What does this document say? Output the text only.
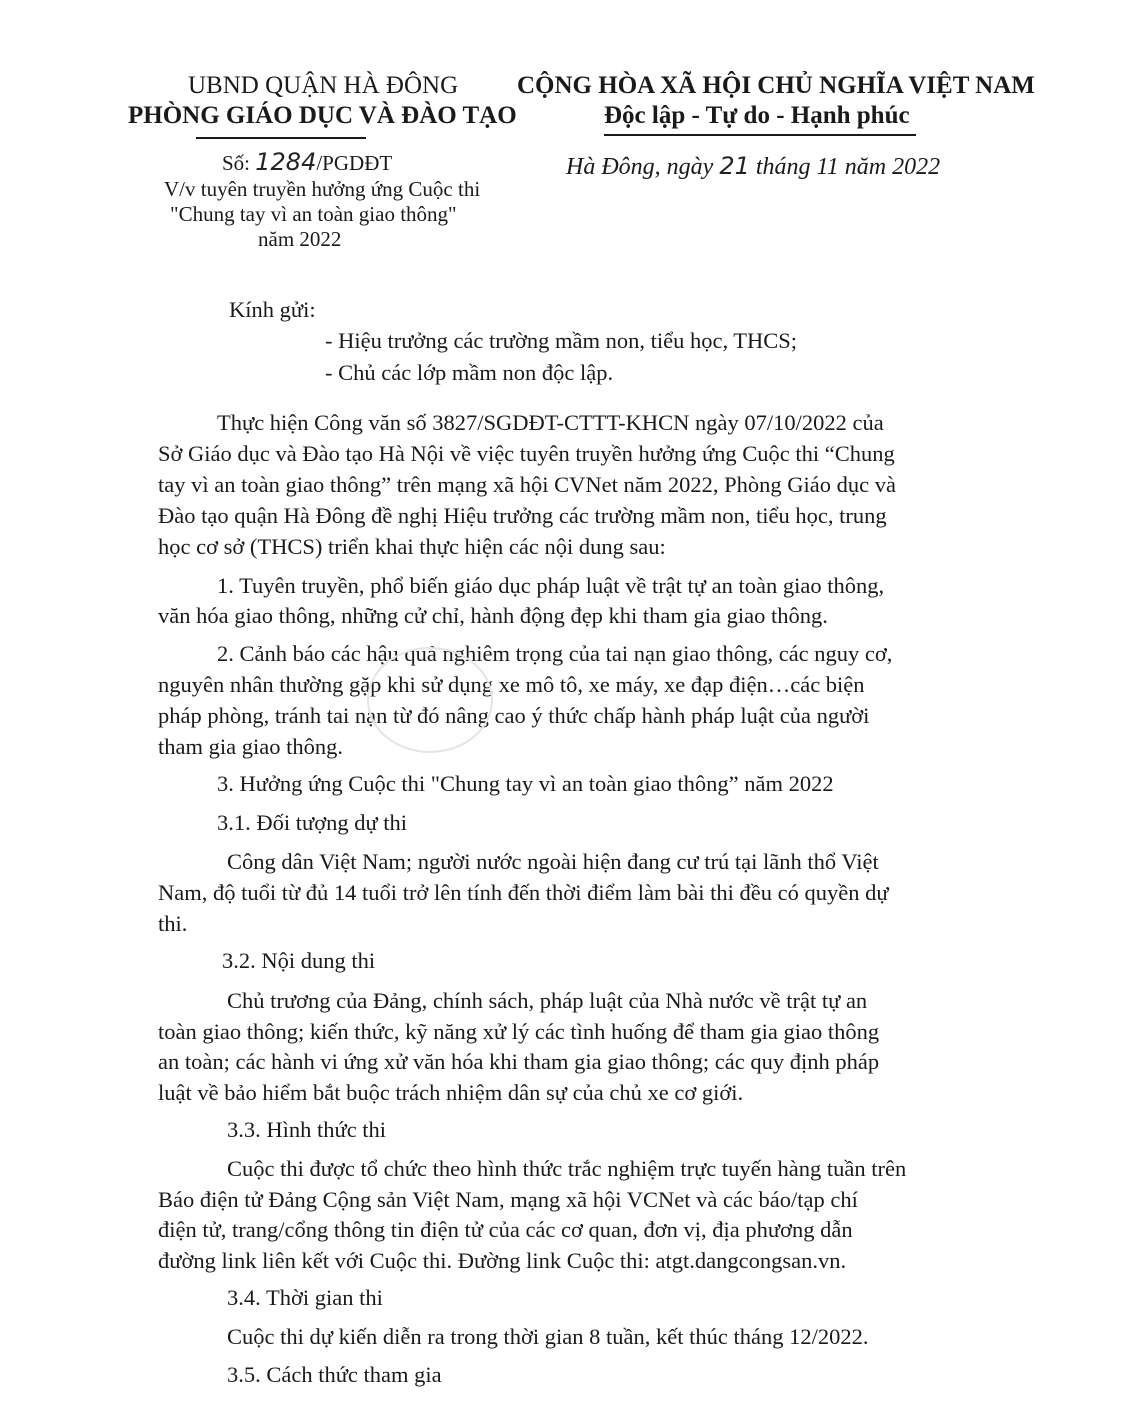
UBND QUẬN HÀ ĐÔNG
PHÒNG GIÁO DỤC VÀ ĐÀO TẠO
CỘNG HÒA XÃ HỘI CHỦ NGHĨA VIỆT NAM
Độc lập - Tự do - Hạnh phúc
Số: 1284/PGDĐT
V/v tuyên truyền hưởng ứng Cuộc thi
"Chung tay vì an toàn giao thông"
năm 2022
Hà Đông, ngày 21 tháng 11 năm 2022
Kính gửi:
- Hiệu trưởng các trường mầm non, tiểu học, THCS;
- Chủ các lớp mầm non độc lập.
Thực hiện Công văn số 3827/SGDĐT-CTTT-KHCN ngày 07/10/2022 của
Sở Giáo dục và Đào tạo Hà Nội về việc tuyên truyền hưởng ứng Cuộc thi “Chung
tay vì an toàn giao thông” trên mạng xã hội CVNet năm 2022, Phòng Giáo dục và
Đào tạo quận Hà Đông đề nghị Hiệu trưởng các trường mầm non, tiểu học, trung
học cơ sở (THCS) triển khai thực hiện các nội dung sau:
1. Tuyên truyền, phổ biến giáo dục pháp luật về trật tự an toàn giao thông,
văn hóa giao thông, những cử chỉ, hành động đẹp khi tham gia giao thông.
2. Cảnh báo các hậu quả nghiêm trọng của tai nạn giao thông, các nguy cơ,
nguyên nhân thường gặp khi sử dụng xe mô tô, xe máy, xe đạp điện…các biện
pháp phòng, tránh tai nạn từ đó nâng cao ý thức chấp hành pháp luật của người
tham gia giao thông.
3. Hưởng ứng Cuộc thi "Chung tay vì an toàn giao thông” năm 2022
3.1. Đối tượng dự thi
Công dân Việt Nam; người nước ngoài hiện đang cư trú tại lãnh thổ Việt
Nam, độ tuổi từ đủ 14 tuổi trở lên tính đến thời điểm làm bài thi đều có quyền dự
thi.
3.2. Nội dung thi
Chủ trương của Đảng, chính sách, pháp luật của Nhà nước về trật tự an
toàn giao thông; kiến thức, kỹ năng xử lý các tình huống để tham gia giao thông
an toàn; các hành vi ứng xử văn hóa khi tham gia giao thông; các quy định pháp
luật về bảo hiểm bắt buộc trách nhiệm dân sự của chủ xe cơ giới.
3.3. Hình thức thi
Cuộc thi được tổ chức theo hình thức trắc nghiệm trực tuyến hàng tuần trên
Báo điện tử Đảng Cộng sản Việt Nam, mạng xã hội VCNet và các báo/tạp chí
điện tử, trang/cổng thông tin điện tử của các cơ quan, đơn vị, địa phương dẫn
đường link liên kết với Cuộc thi. Đường link Cuộc thi: atgt.dangcongsan.vn.
3.4. Thời gian thi
Cuộc thi dự kiến diễn ra trong thời gian 8 tuần, kết thúc tháng 12/2022.
3.5. Cách thức tham gia
